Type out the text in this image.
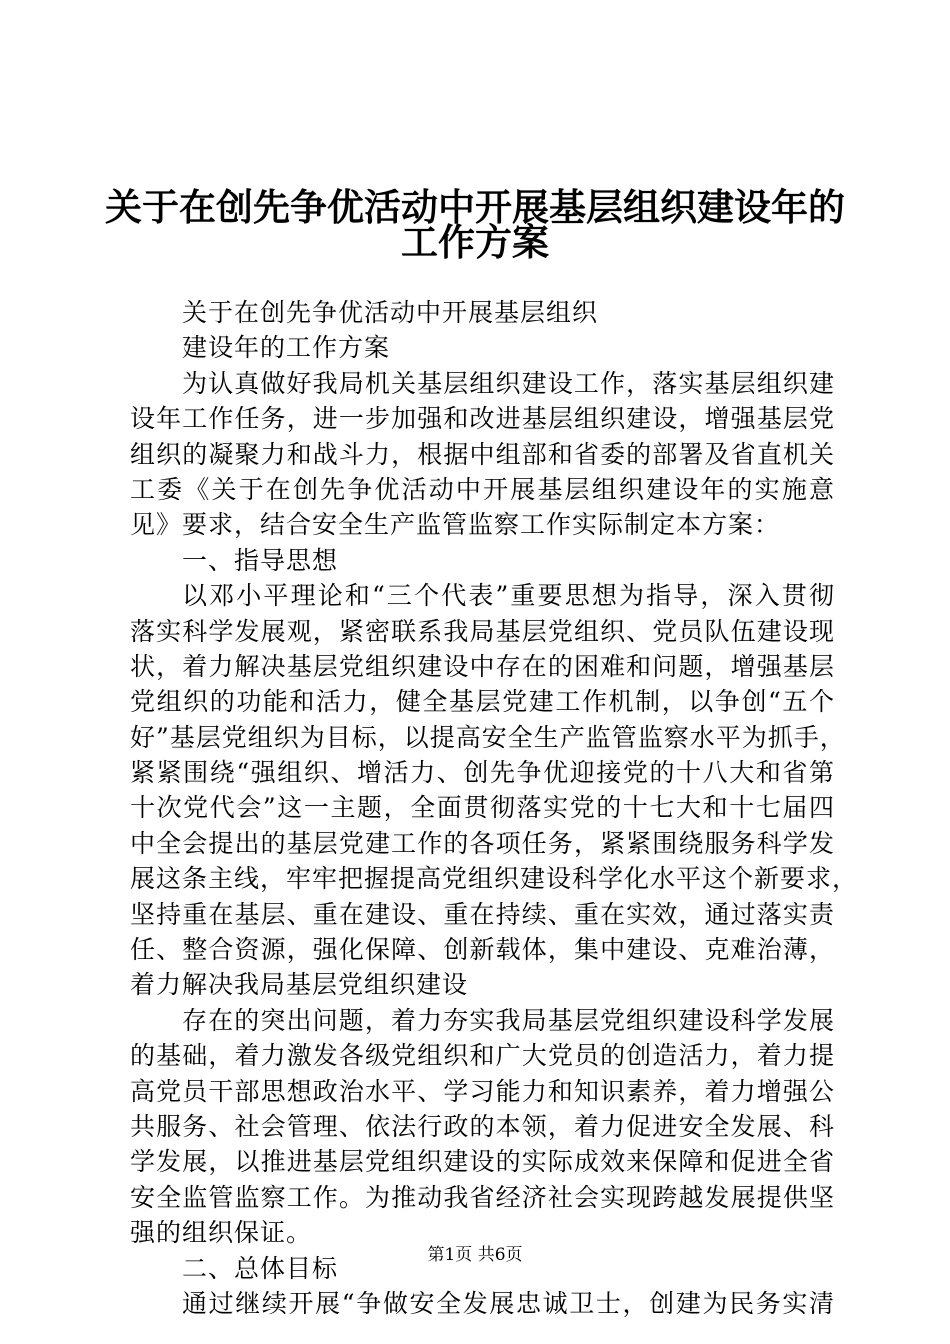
关于在创先争优活动中开展基层组织建设年的
工作方案
关于在创先争优活动中开展基层组织
建设年的工作方案
为认真做好我局机关基层组织建设工作，落实基层组织建
设年工作任务，进一步加强和改进基层组织建设，增强基层党
组织的凝聚力和战斗力，根据中组部和省委的部署及省直机关
工委《关于在创先争优活动中开展基层组织建设年的实施意
见》要求，结合安全生产监管监察工作实际制定本方案：
一、指导思想
以邓小平理论和“三个代表”重要思想为指导，深入贯彻
落实科学发展观，紧密联系我局基层党组织、党员队伍建设现
状，着力解决基层党组织建设中存在的困难和问题，增强基层
党组织的功能和活力，健全基层党建工作机制，以争创“五个
好”基层党组织为目标，以提高安全生产监管监察水平为抓手，
紧紧围绕“强组织、增活力、创先争优迎接党的十八大和省第
十次党代会”这一主题，全面贯彻落实党的十七大和十七届四
中全会提出的基层党建工作的各项任务，紧紧围绕服务科学发
展这条主线，牢牢把握提高党组织建设科学化水平这个新要求，
坚持重在基层、重在建设、重在持续、重在实效，通过落实责
任、整合资源，强化保障、创新载体，集中建设、克难治薄，
着力解决我局基层党组织建设
存在的突出问题，着力夯实我局基层党组织建设科学发展
的基础，着力激发各级党组织和广大党员的创造活力，着力提
高党员干部思想政治水平、学习能力和知识素养，着力增强公
共服务、社会管理、依法行政的本领，着力促进安全发展、科
学发展，以推进基层党组织建设的实际成效来保障和促进全省
安全监管监察工作。为推动我省经济社会实现跨越发展提供坚
强的组织保证。
二、总体目标
通过继续开展“争做安全发展忠诚卫士，创建为民务实清
第1页 共6页
